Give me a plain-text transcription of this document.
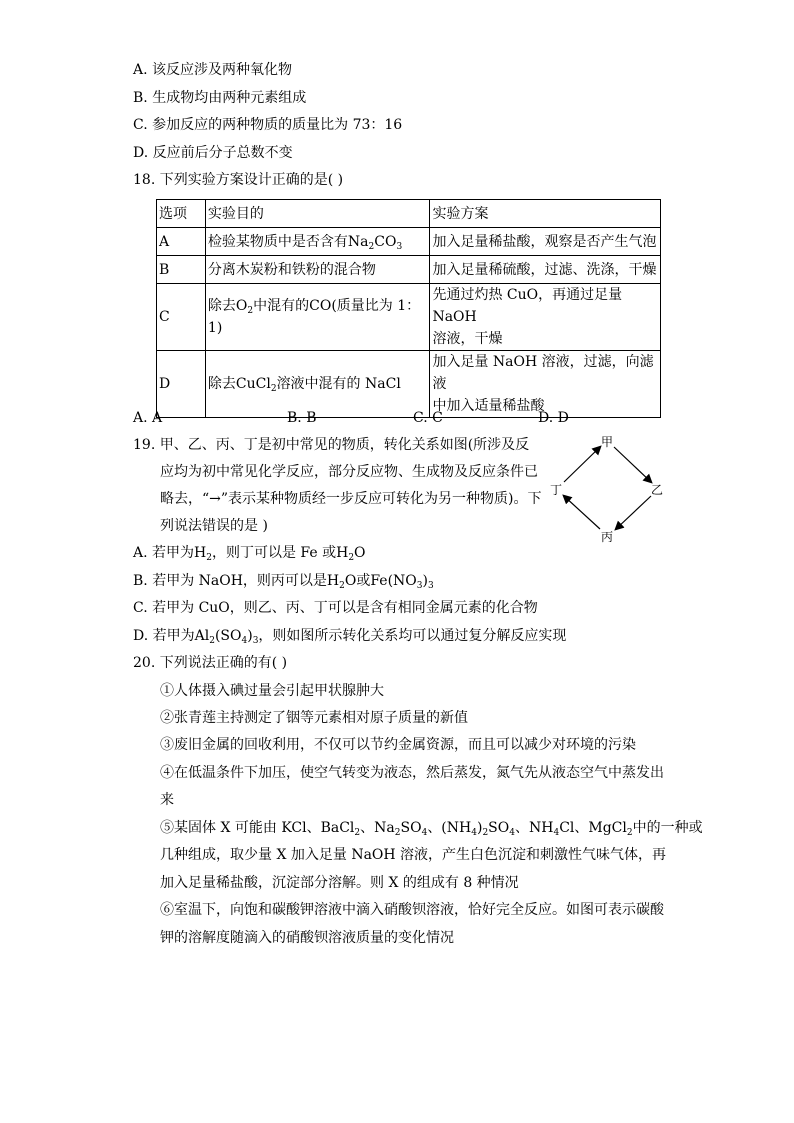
A. 该反应涉及两种氧化物
B. 生成物均由两种元素组成
C. 参加反应的两种物质的质量比为 73：16
D. 反应前后分子总数不变
18. 下列实验方案设计正确的是( )
选项	实验目的	实验方案
A	检验某物质中是否含有$Na_2CO_3$	加入足量稀盐酸，观察是否产生气泡
B	分离木炭粉和铁粉的混合物	加入足量稀硫酸，过滤、洗涤，干燥
C	除去$O_2$中混有的CO(质量比为 1：1)	先通过灼热 CuO，再通过足量 NaOH
溶液，干燥

D	除去CuCl$_2$溶液中混有的 NaCl	加入足量 NaOH 溶液，过滤，向滤液
中加入适量稀盐酸
A. A	B. B	C. C	D. D
19. 甲、乙、丙、丁是初中常见的物质，转化关系如图(所涉及反
应均为初中常见化学反应，部分反应物、生成物及反应条件已
略去，“→”表示某种物质经一步反应可转化为另一种物质)。下
列说法错误的是 )
甲
乙
丙
丁
A. 若甲为$H_2$，则丁可以是 Fe 或$H_2O$
B. 若甲为 NaOH，则丙可以是$H_2O$或$Fe(NO_3)_3$
C. 若甲为 CuO，则乙、丙、丁可以是含有相同金属元素的化合物
D. 若甲为$Al_2(SO_4)_3$，则如图所示转化关系均可以通过复分解反应实现
20. 下列说法正确的有( )
①人体摄入碘过量会引起甲状腺肿大
②张青莲主持测定了铟等元素相对原子质量的新值
③废旧金属的回收利用，不仅可以节约金属资源，而且可以减少对环境的污染
④在低温条件下加压，使空气转变为液态，然后蒸发，氮气先从液态空气中蒸发出
来
⑤某固体 X 可能由 KCl、BaCl$_2$、$Na_2SO_4$、$(NH_4)_2SO_4$、$NH_4Cl$、MgCl$_2$中的一种或
几种组成，取少量 X 加入足量 NaOH 溶液，产生白色沉淀和刺激性气味气体，再
加入足量稀盐酸，沉淀部分溶解。则 X 的组成有 8 种情况
⑥室温下，向饱和碳酸钾溶液中滴入硝酸钡溶液，恰好完全反应。如图可表示碳酸
钾的溶解度随滴入的硝酸钡溶液质量的变化情况
